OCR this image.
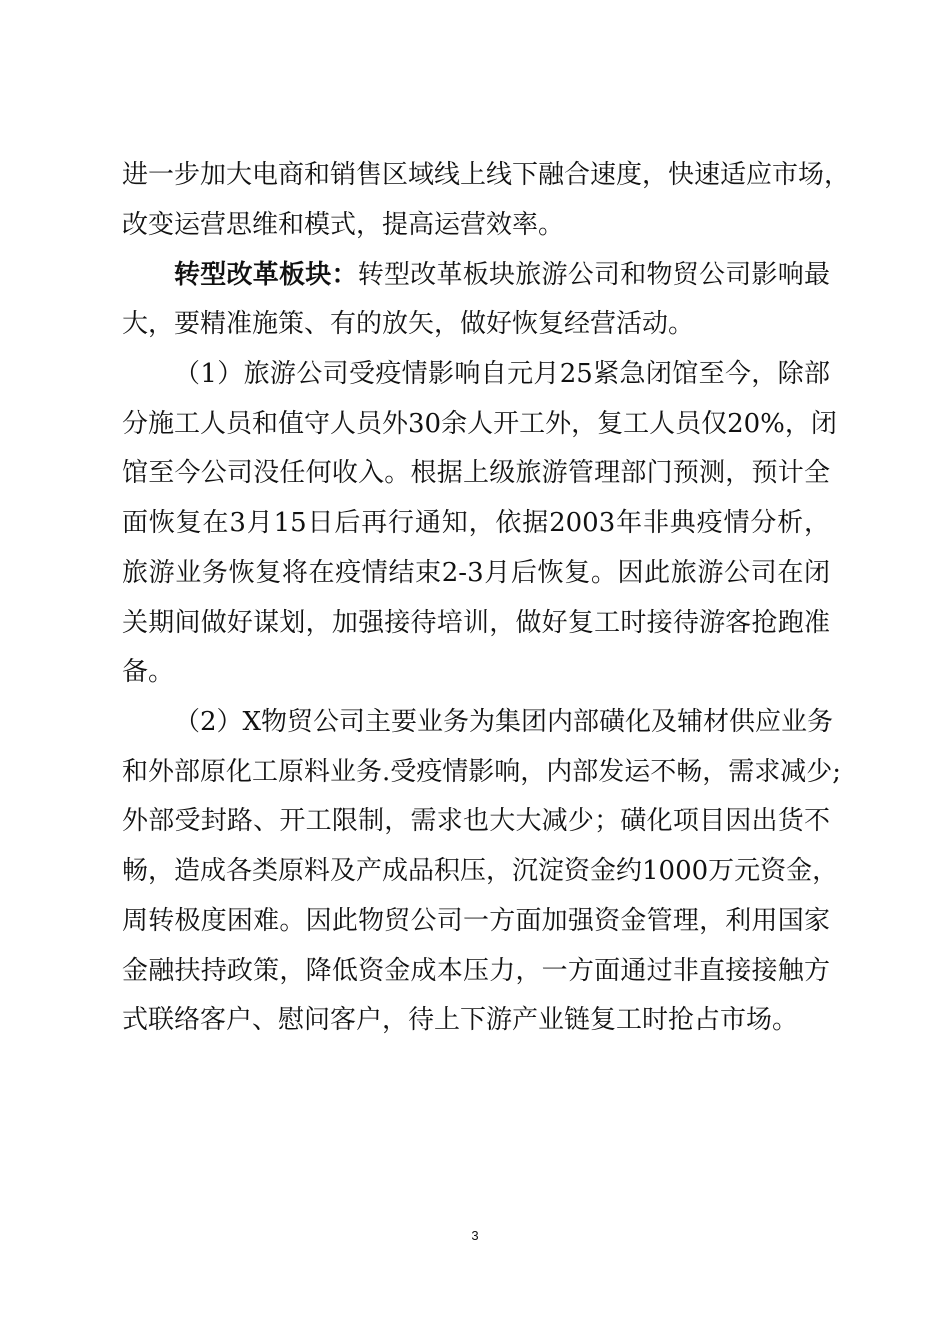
进一步加大电商和销售区域线上线下融合速度，快速适应市场，
改变运营思维和模式，提高运营效率。
转型改革板块：转型改革板块旅游公司和物贸公司影响最
大，要精准施策、有的放矢，做好恢复经营活动。
（1）旅游公司受疫情影响自元月25紧急闭馆至今，除部
分施工人员和值守人员外30余人开工外，复工人员仅20%，闭
馆至今公司没任何收入。根据上级旅游管理部门预测，预计全
面恢复在3月15日后再行通知，依据2003年非典疫情分析，
旅游业务恢复将在疫情结束2-3月后恢复。因此旅游公司在闭
关期间做好谋划，加强接待培训，做好复工时接待游客抢跑准
备。
（2）X物贸公司主要业务为集团内部磺化及辅材供应业务
和外部原化工原料业务.受疫情影响，内部发运不畅，需求减少;
外部受封路、开工限制，需求也大大减少；磺化项目因出货不
畅，造成各类原料及产成品积压，沉淀资金约1000万元资金，
周转极度困难。因此物贸公司一方面加强资金管理，利用国家
金融扶持政策，降低资金成本压力，一方面通过非直接接触方
式联络客户、慰问客户，待上下游产业链复工时抢占市场。
3
